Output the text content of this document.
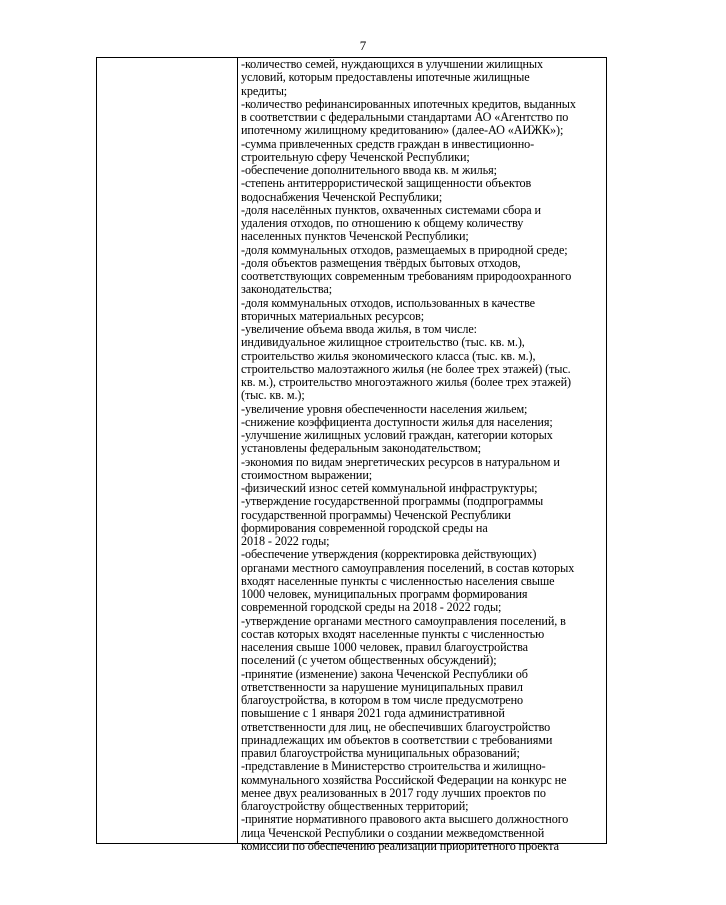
7
-количество семей, нуждающихся в улучшении жилищных
условий, которым предоставлены ипотечные жилищные
кредиты;
-количество рефинансированных ипотечных кредитов, выданных
в соответствии с федеральными стандартами АО «Агентство по
ипотечному жилищному кредитованию» (далее-АО «АИЖК»);
-сумма привлеченных средств граждан в инвестиционно-
строительную сферу Чеченской Республики;
-обеспечение дополнительного ввода кв. м жилья;
-степень антитеррористической защищенности объектов
водоснабжения Чеченской Республики;
-доля населённых пунктов, охваченных системами сбора и
удаления отходов, по отношению к общему количеству
населенных пунктов Чеченской Республики;
-доля коммунальных отходов, размещаемых в природной среде;
-доля объектов размещения твёрдых бытовых отходов,
соответствующих современным требованиям природоохранного
законодательства;
-доля коммунальных отходов, использованных в качестве
вторичных материальных ресурсов;
-увеличение объема ввода жилья, в том числе:
индивидуальное жилищное строительство (тыс. кв. м.),
строительство жилья экономического класса (тыс. кв. м.),
строительство малоэтажного жилья (не более трех этажей) (тыс.
кв. м.), строительство многоэтажного жилья (более трех этажей)
(тыс. кв. м.);
-увеличение уровня обеспеченности населения жильем;
-снижение коэффициента доступности жилья для населения;
-улучшение жилищных условий граждан, категории которых
установлены федеральным законодательством;
-экономия по видам энергетических ресурсов в натуральном и
стоимостном выражении;
-физический износ сетей коммунальной инфраструктуры;
-утверждение государственной программы (подпрограммы
государственной программы) Чеченской Республики
формирования современной городской среды на
2018 - 2022 годы;
-обеспечение утверждения (корректировка действующих)
органами местного самоуправления поселений, в состав которых
входят населенные пункты с численностью населения свыше
1000 человек, муниципальных программ формирования
современной городской среды на 2018 - 2022 годы;
-утверждение органами местного самоуправления поселений, в
состав которых входят населенные пункты с численностью
населения свыше 1000 человек, правил благоустройства
поселений (с учетом общественных обсуждений);
-принятие (изменение) закона Чеченской Республики об
ответственности за нарушение муниципальных правил
благоустройства, в котором в том числе предусмотрено
повышение с 1 января 2021 года административной
ответственности для лиц, не обеспечивших благоустройство
принадлежащих им объектов в соответствии с требованиями
правил благоустройства муниципальных образований;
-представление в Министерство строительства и жилищно-
коммунального хозяйства Российской Федерации на конкурс не
менее двух реализованных в 2017 году лучших проектов по
благоустройству общественных территорий;
-принятие нормативного правового акта высшего должностного
лица Чеченской Республики о создании межведомственной
комиссии по обеспечению реализации приоритетного проекта
